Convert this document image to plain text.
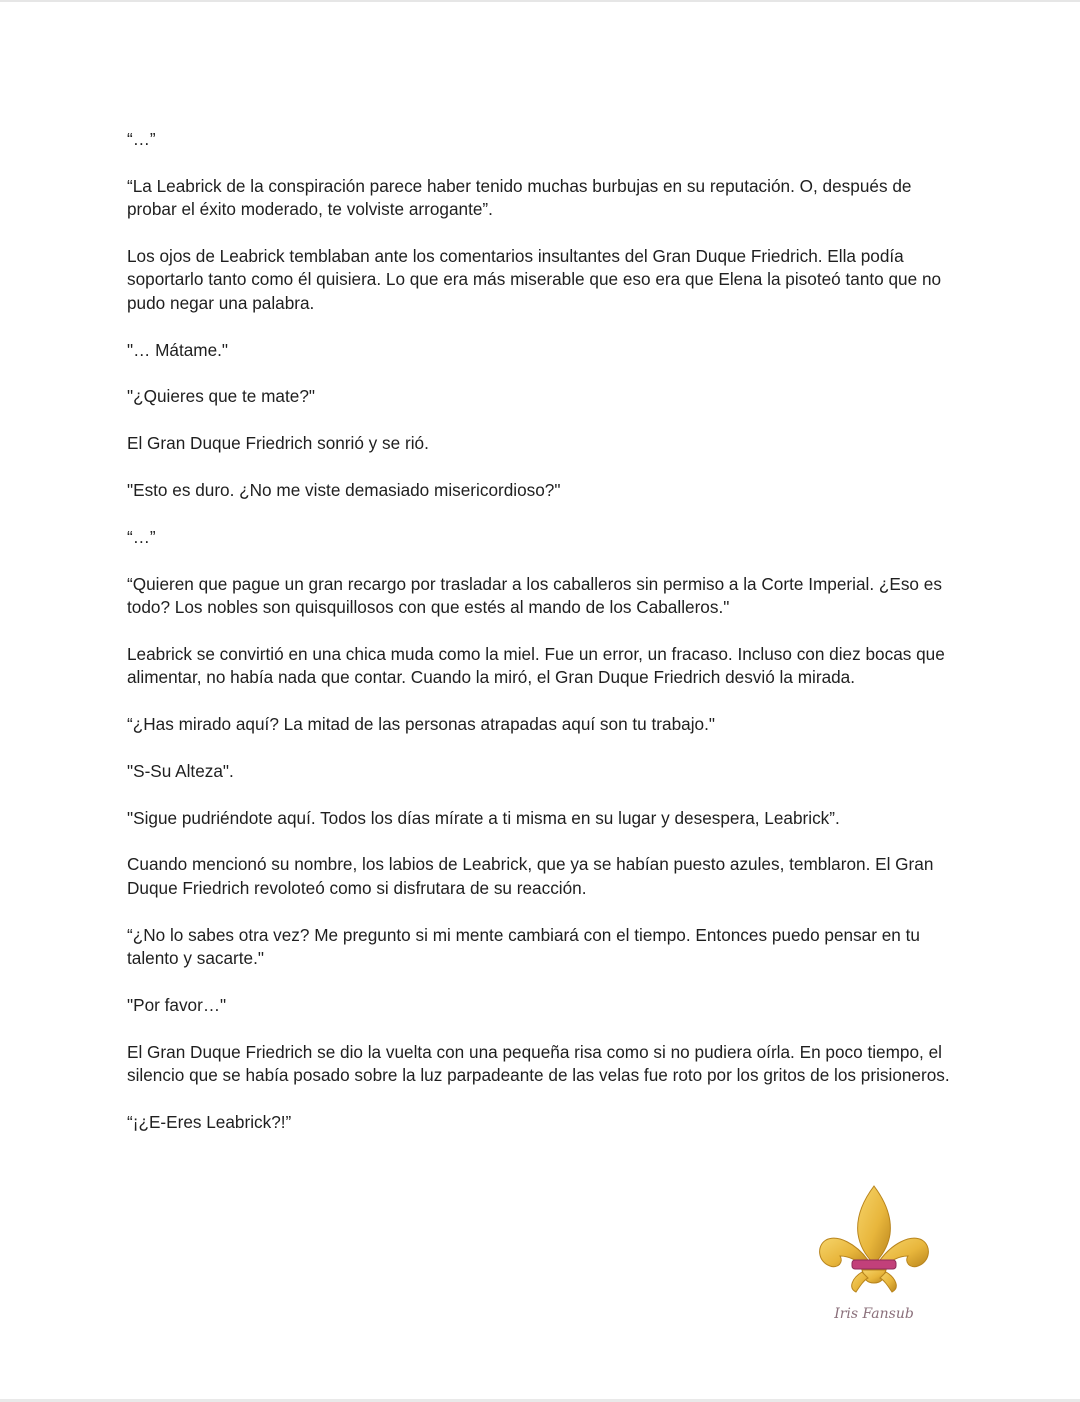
“…”

“La Leabrick de la conspiración parece haber tenido muchas burbujas en su reputación. O, después de probar el éxito moderado, te volviste arrogante”.

Los ojos de Leabrick temblaban ante los comentarios insultantes del Gran Duque Friedrich. Ella podía soportarlo tanto como él quisiera. Lo que era más miserable que eso era que Elena la pisoteó tanto que no pudo negar una palabra.

"… Mátame."

"¿Quieres que te mate?"

El Gran Duque Friedrich sonrió y se rió.

"Esto es duro. ¿No me viste demasiado misericordioso?"

“…”

“Quieren que pague un gran recargo por trasladar a los caballeros sin permiso a la Corte Imperial. ¿Eso es todo? Los nobles son quisquillosos con que estés al mando de los Caballeros."

Leabrick se convirtió en una chica muda como la miel. Fue un error, un fracaso. Incluso con diez bocas que alimentar, no había nada que contar. Cuando la miró, el Gran Duque Friedrich desvió la mirada.

“¿Has mirado aquí? La mitad de las personas atrapadas aquí son tu trabajo."

"S-Su Alteza".

"Sigue pudriéndote aquí. Todos los días mírate a ti misma en su lugar y desespera, Leabrick”.

Cuando mencionó su nombre, los labios de Leabrick, que ya se habían puesto azules, temblaron. El Gran Duque Friedrich revoloteó como si disfrutara de su reacción.

“¿No lo sabes otra vez? Me pregunto si mi mente cambiará con el tiempo. Entonces puedo pensar en tu talento y sacarte."

"Por favor…"

El Gran Duque Friedrich se dio la vuelta con una pequeña risa como si no pudiera oírla. En poco tiempo, el silencio que se había posado sobre la luz parpadeante de las velas fue roto por los gritos de los prisioneros.

“¡¿E-Eres Leabrick?!”

Iris Fansub
